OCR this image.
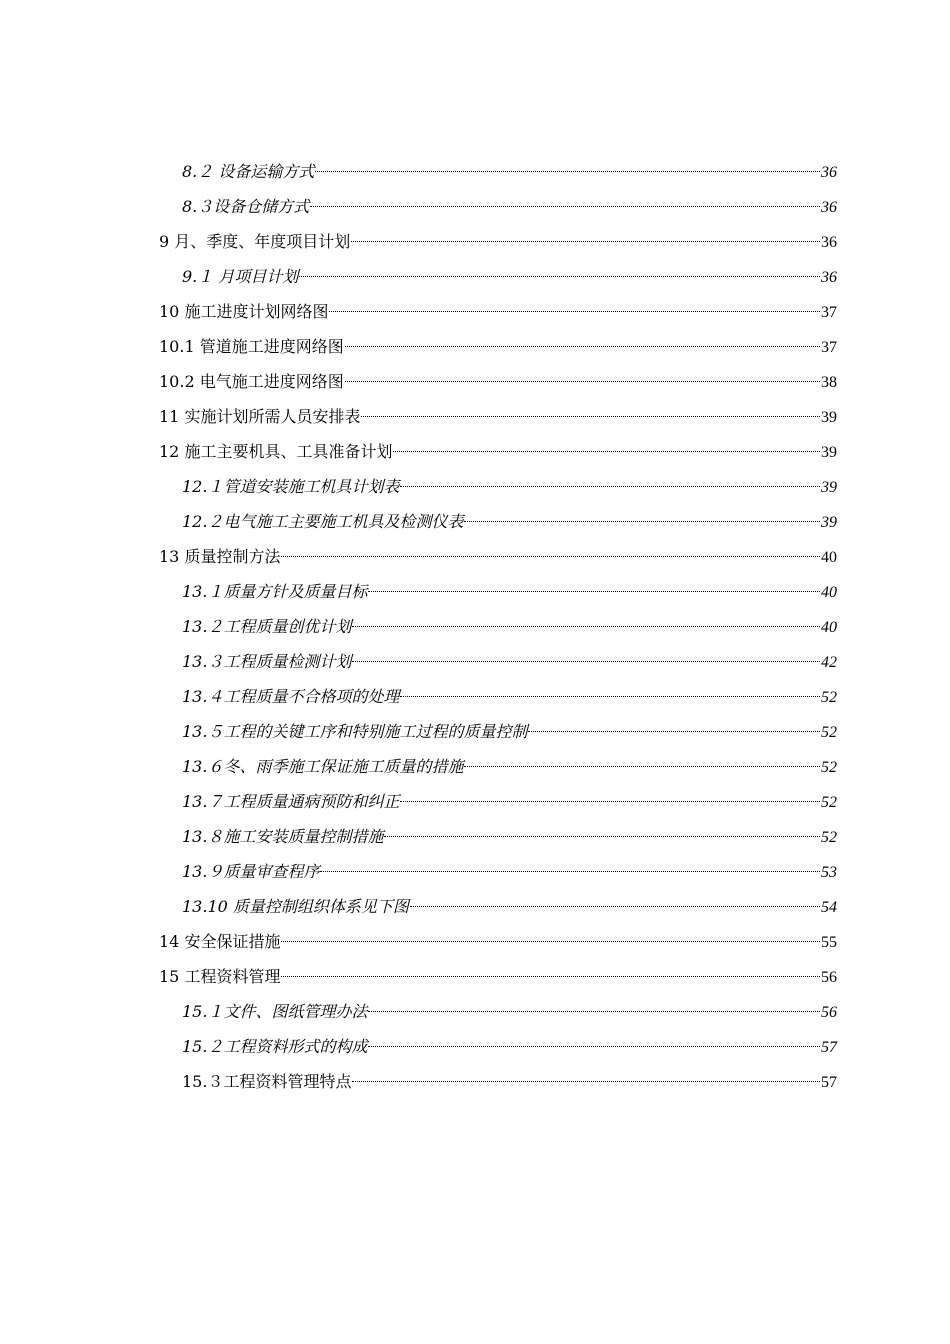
8.２ 设备运输方式	36
8.３设备仓储方式	36
9 月、季度、年度项目计划	36
9.１ 月项目计划	36
10 施工进度计划网络图	37
10.1 管道施工进度网络图	37
10.2 电气施工进度网络图	38
11 实施计划所需人员安排表	39
12 施工主要机具、工具准备计划	39
12.１管道安装施工机具计划表	39
12.２电气施工主要施工机具及检测仪表	39
13 质量控制方法	40
13.１质量方针及质量目标	40
13.２工程质量创优计划	40
13.３工程质量检测计划	42
13.４工程质量不合格项的处理	52
13.５工程的关键工序和特别施工过程的质量控制	52
13.６冬、雨季施工保证施工质量的措施	52
13.７工程质量通病预防和纠正	52
13.８施工安装质量控制措施	52
13.９质量审查程序	53
13.10 质量控制组织体系见下图	54
14 安全保证措施	55
15 工程资料管理	56
15.１文件、图纸管理办法	56
15.２工程资料形式的构成	57
15.３工程资料管理特点	57
